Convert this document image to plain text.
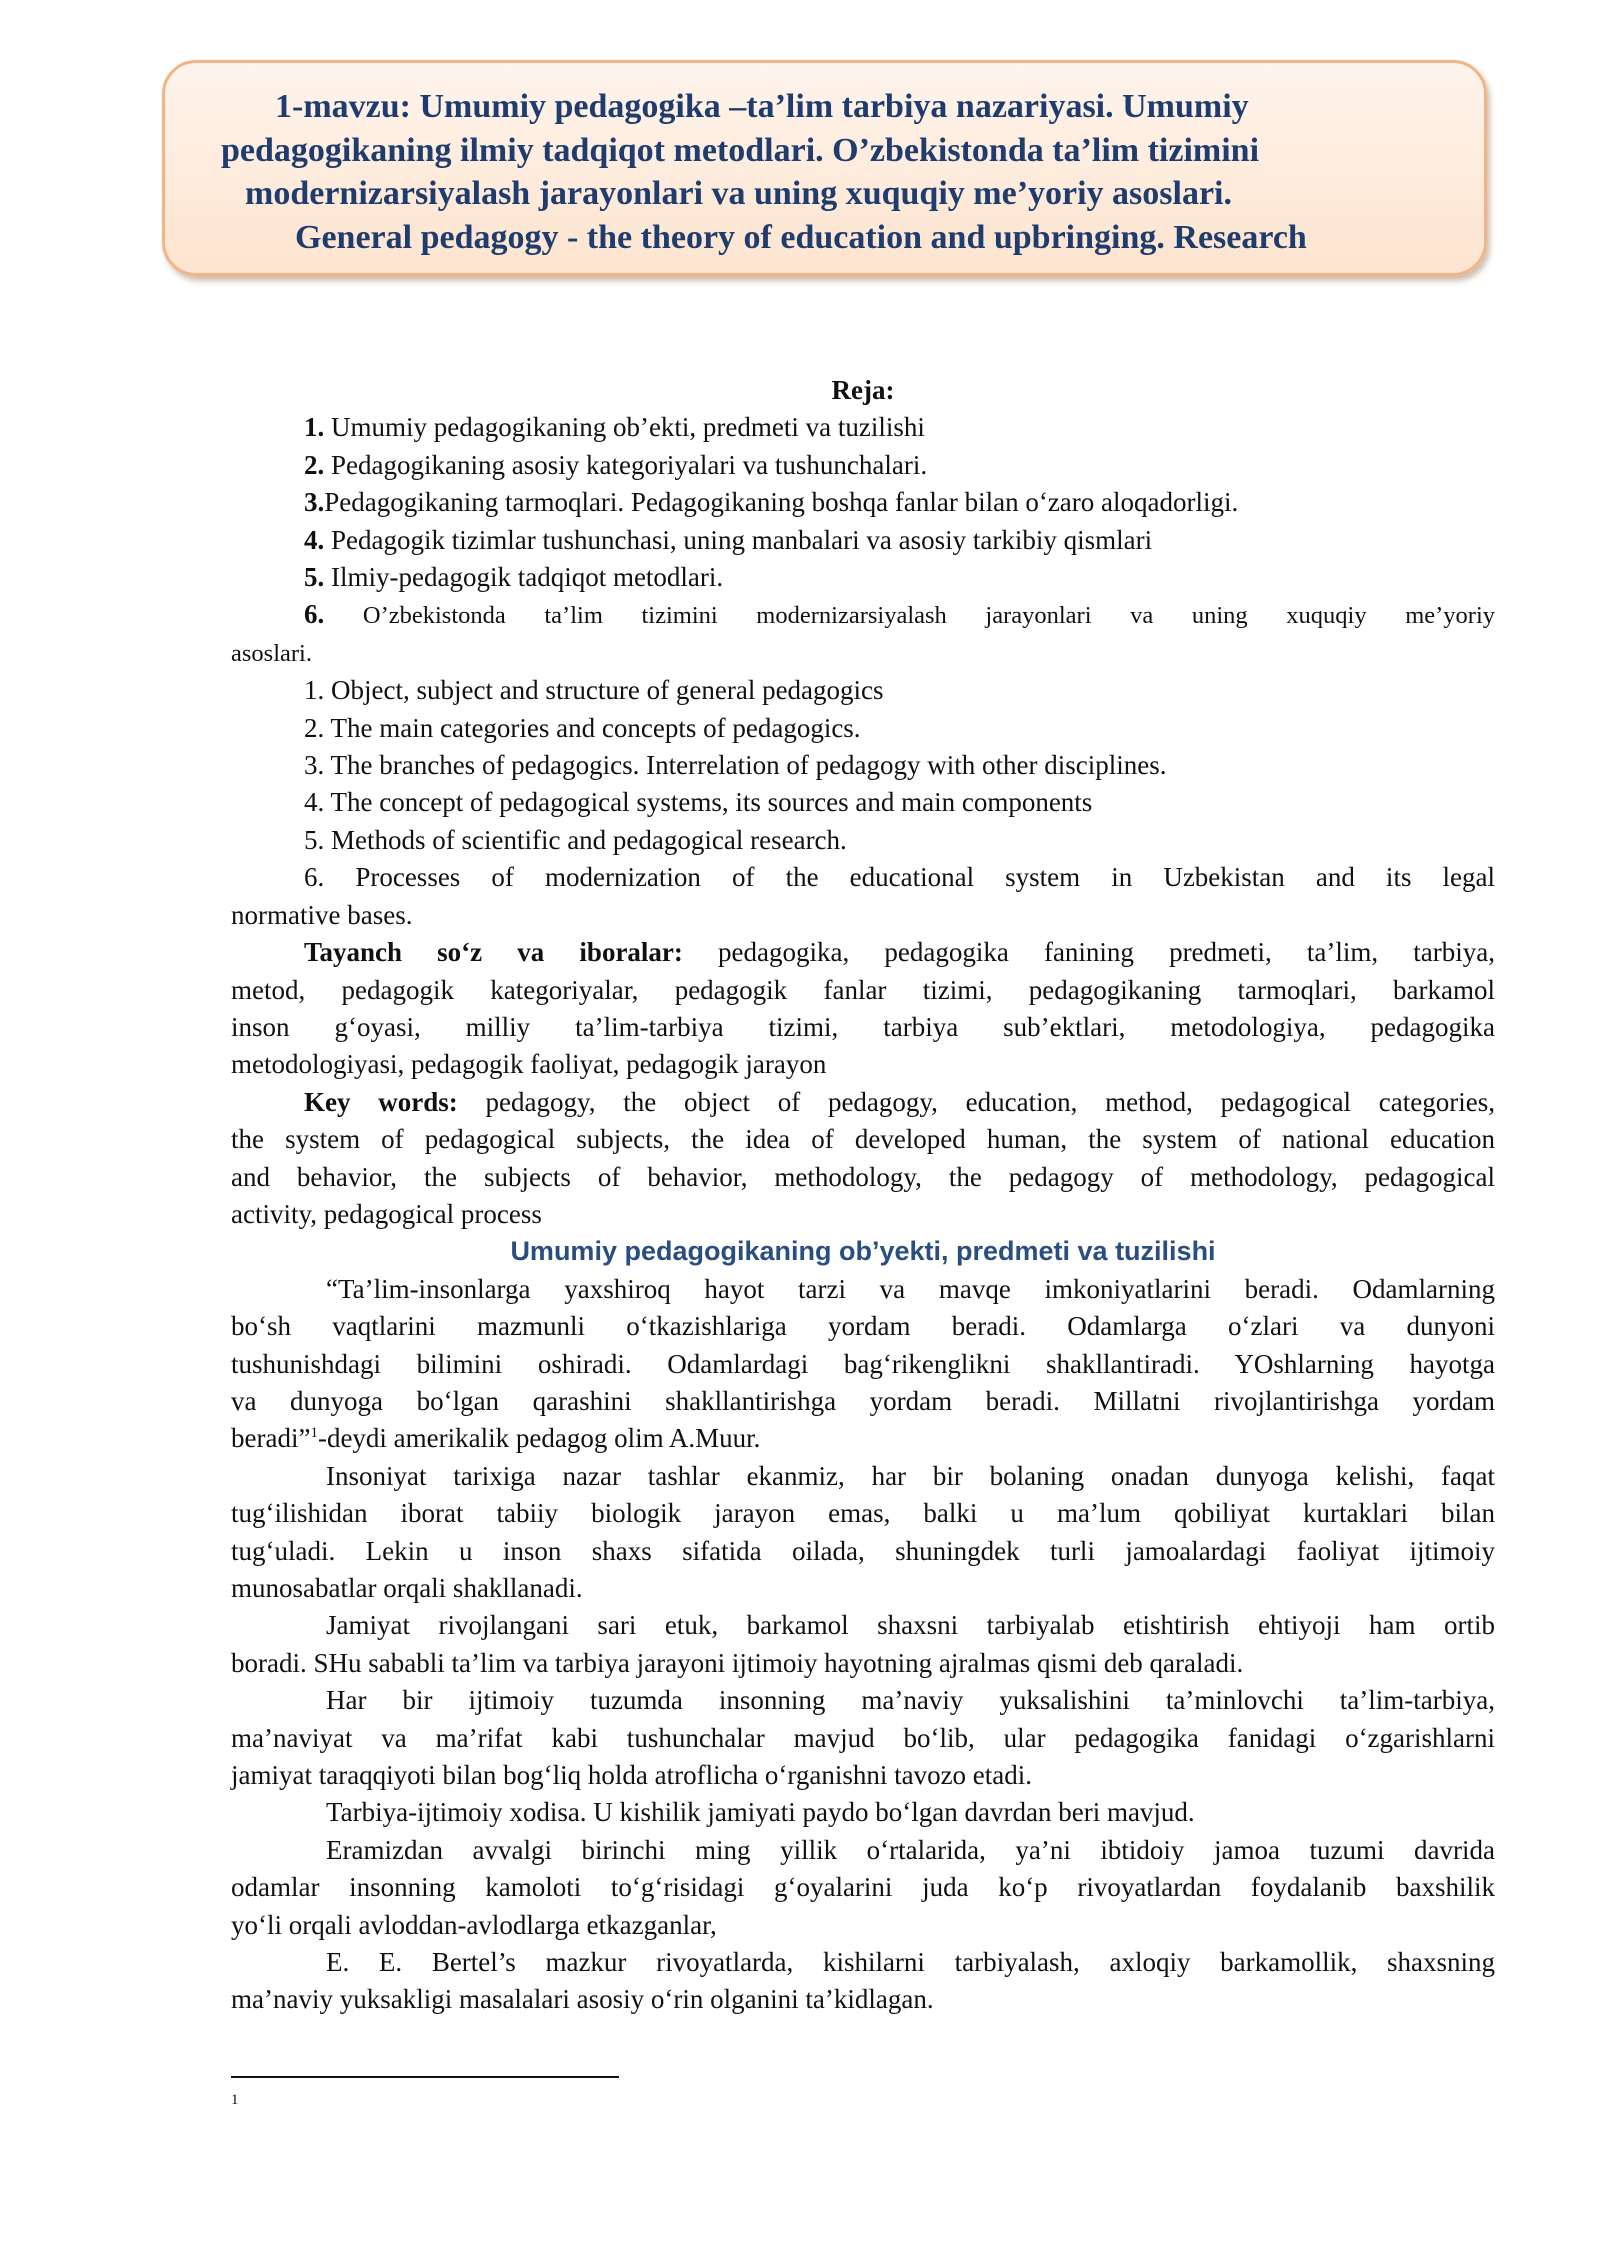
1-mavzu: Umumiy pedagogika –ta’lim tarbiya nazariyasi. Umumiy
pedagogikaning ilmiy tadqiqot metodlari. O’zbekistonda ta’lim tizimini
modernizarsiyalash jarayonlari va uning xuquqiy me’yoriy asoslari.
General pedagogy - the theory of education and upbringing. Research
Reja:
1. Umumiy pedagogikaning ob’ekti, predmeti va tuzilishi
2. Pedagogikaning asosiy kategoriyalari va tushunchalari.
3.Pedagogikaning tarmoqlari. Pedagogikaning boshqa fanlar bilan o‘zaro aloqadorligi.
4. Pedagogik tizimlar tushunchasi, uning manbalari va asosiy tarkibiy qismlari
5. Ilmiy-pedagogik tadqiqot metodlari.
6. O’zbekistonda ta’lim tizimini modernizarsiyalash jarayonlari va uning xuquqiy me’yoriy
asoslari.
1. Object, subject and structure of general pedagogics
2. The main categories and concepts of pedagogics.
3. The branches of pedagogics. Interrelation of pedagogy with other disciplines.
4. The concept of pedagogical systems, its sources and main components
5. Methods of scientific and pedagogical research.
6. Processes of modernization of the educational system in Uzbekistan and its legal
normative bases.
Tayanch so‘z va iboralar: pedagogika, pedagogika fanining predmeti, ta’lim, tarbiya,
metod, pedagogik kategoriyalar, pedagogik fanlar tizimi, pedagogikaning tarmoqlari, barkamol
inson g‘oyasi, milliy ta’lim-tarbiya tizimi, tarbiya sub’ektlari, metodologiya, pedagogika
metodologiyasi, pedagogik faoliyat, pedagogik jarayon
Key words: pedagogy, the object of pedagogy, education, method, pedagogical categories,
the system of pedagogical subjects, the idea of developed human, the system of national education
and behavior, the subjects of behavior, methodology, the pedagogy of methodology, pedagogical
activity, pedagogical process
Umumiy pedagogikaning ob’yekti, predmeti va tuzilishi
“Ta’lim-insonlarga yaxshiroq hayot tarzi va mavqe imkoniyatlarini beradi. Odamlarning
bo‘sh vaqtlarini mazmunli o‘tkazishlariga yordam beradi. Odamlarga o‘zlari va dunyoni
tushunishdagi bilimini oshiradi. Odamlardagi bag‘rikenglikni shakllantiradi. YOshlarning hayotga
va dunyoga bo‘lgan qarashini shakllantirishga yordam beradi. Millatni rivojlantirishga yordam
beradi”$^1$-deydi amerikalik pedagog olim A.Muur.
Insoniyat tarixiga nazar tashlar ekanmiz, har bir bolaning onadan dunyoga kelishi, faqat
tug‘ilishidan iborat tabiiy biologik jarayon emas, balki u ma’lum qobiliyat kurtaklari bilan
tug‘uladi. Lekin u inson shaxs sifatida oilada, shuningdek turli jamoalardagi faoliyat ijtimoiy
munosabatlar orqali shakllanadi.
Jamiyat rivojlangani sari etuk, barkamol shaxsni tarbiyalab etishtirish ehtiyoji ham ortib
boradi. SHu sababli ta’lim va tarbiya jarayoni ijtimoiy hayotning ajralmas qismi deb qaraladi.
Har bir ijtimoiy tuzumda insonning ma’naviy yuksalishini ta’minlovchi ta’lim-tarbiya,
ma’naviyat va ma’rifat kabi tushunchalar mavjud bo‘lib, ular pedagogika fanidagi o‘zgarishlarni
jamiyat taraqqiyoti bilan bog‘liq holda atroflicha o‘rganishni tavozo etadi.
Tarbiya-ijtimoiy xodisa. U kishilik jamiyati paydo bo‘lgan davrdan beri mavjud.
Eramizdan avvalgi birinchi ming yillik o‘rtalarida, ya’ni ibtidoiy jamoa tuzumi davrida
odamlar insonning kamoloti to‘g‘risidagi g‘oyalarini juda ko‘p rivoyatlardan foydalanib baxshilik
yo‘li orqali avloddan-avlodlarga etkazganlar,
E. E. Bertel’s mazkur rivoyatlarda, kishilarni tarbiyalash, axloqiy barkamollik, shaxsning
ma’naviy yuksakligi masalalari asosiy o‘rin olganini ta’kidlagan.
1
